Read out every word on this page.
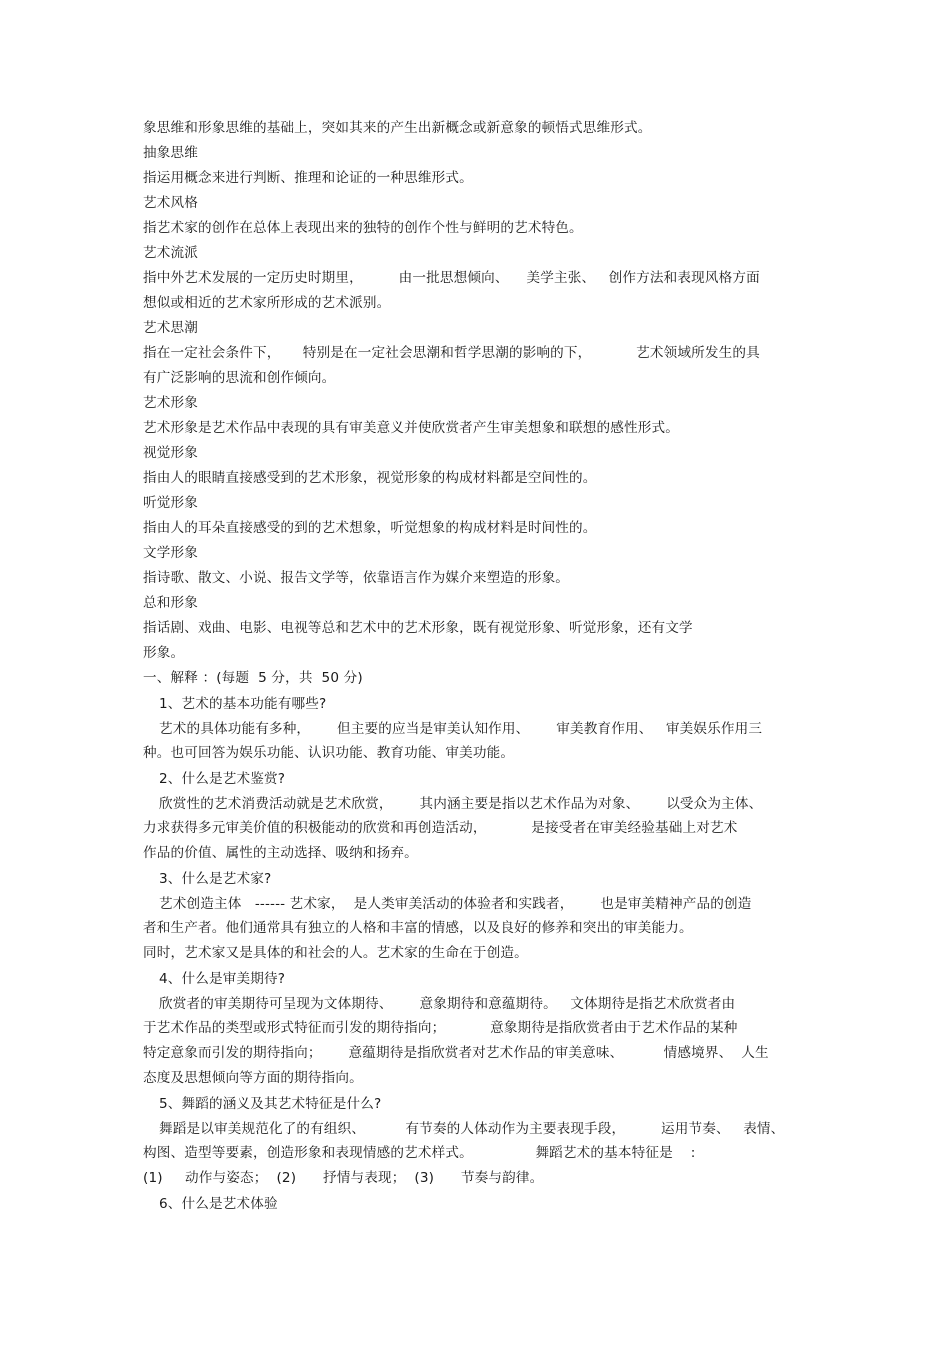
象思维和形象思维的基础上，突如其来的产生出新概念或新意象的顿悟式思维形式。
抽象思维
指运用概念来进行判断、推理和论证的一种思维形式。
艺术风格
指艺术家的创作在总体上表现出来的独特的创作个性与鲜明的艺术特色。
艺术流派
指中外艺术发展的一定历史时期里，        由一批思想倾向、    美学主张、   创作方法和表现风格方面
想似或相近的艺术家所形成的艺术派别。
艺术思潮
指在一定社会条件下，     特别是在一定社会思潮和哲学思潮的影响的下，          艺术领域所发生的具
有广泛影响的思流和创作倾向。
艺术形象
艺术形象是艺术作品中表现的具有审美意义并使欣赏者产生审美想象和联想的感性形式。
视觉形象
指由人的眼睛直接感受到的艺术形象，视觉形象的构成材料都是空间性的。
听觉形象
指由人的耳朵直接感受的到的艺术想象，听觉想象的构成材料是时间性的。
文学形象
指诗歌、散文、小说、报告文学等，依靠语言作为媒介来塑造的形象。
总和形象
指话剧、戏曲、电影、电视等总和艺术中的艺术形象，既有视觉形象、听觉形象，还有文学
形象。
一、解释 ：(每题  5 分，共  50 分)
1、艺术的基本功能有哪些?
艺术的具体功能有多种，      但主要的应当是审美认知作用、      审美教育作用、   审美娱乐作用三
种。也可回答为娱乐功能、认识功能、教育功能、审美功能。
2、什么是艺术鉴赏?
欣赏性的艺术消费活动就是艺术欣赏，      其内涵主要是指以艺术作品为对象、      以受众为主体、
力求获得多元审美价值的积极能动的欣赏和再创造活动，          是接受者在审美经验基础上对艺术
作品的价值、属性的主动选择、吸纳和扬弃。
3、什么是艺术家?
艺术创造主体   ------ 艺术家，  是人类审美活动的体验者和实践者，      也是审美精神产品的创造
者和生产者。他们通常具有独立的人格和丰富的情感，以及良好的修养和突出的审美能力。
同时，艺术家又是具体的和社会的人。艺术家的生命在于创造。
4、什么是审美期待?
欣赏者的审美期待可呈现为文体期待、      意象期待和意蕴期待。   文体期待是指艺术欣赏者由
于艺术作品的类型或形式特征而引发的期待指向；          意象期待是指欣赏者由于艺术作品的某种
特定意象而引发的期待指向；      意蕴期待是指欣赏者对艺术作品的审美意味、         情感境界、  人生
态度及思想倾向等方面的期待指向。
5、舞蹈的涵义及其艺术特征是什么?
舞蹈是以审美规范化了的有组织、         有节奏的人体动作为主要表现手段，        运用节奏、   表情、
构图、造型等要素，创造形象和表现情感的艺术样式。              舞蹈艺术的基本特征是    :
(1)     动作与姿态；  (2)      抒情与表现；  (3)      节奏与韵律。
6、什么是艺术体验
